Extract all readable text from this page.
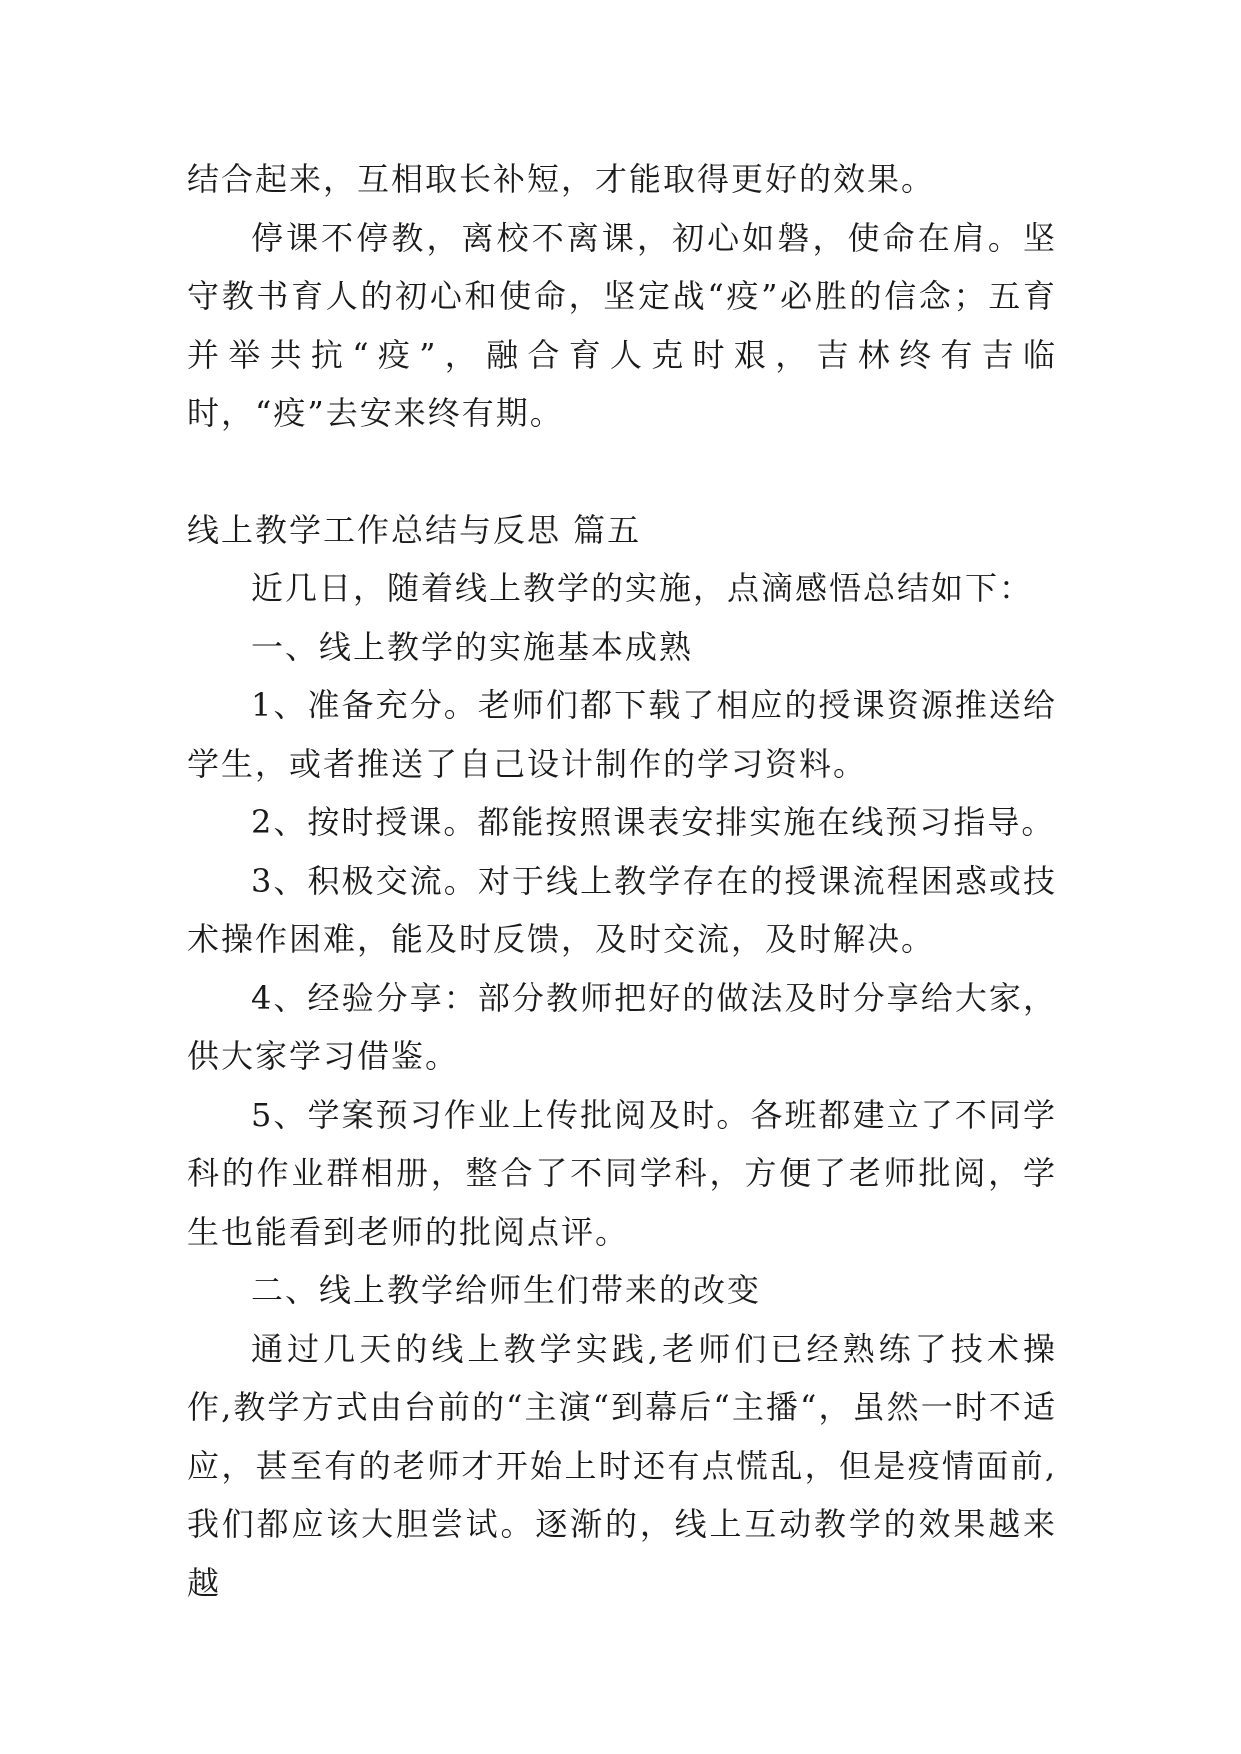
结合起来，互相取长补短，才能取得更好的效果。

停课不停教，离校不离课，初心如磐，使命在肩。坚守教书育人的初心和使命，坚定战“疫”必胜的信念；五育并举共抗“疫”，融合育人克时艰，吉林终有吉临时，“疫”去安来终有期。

线上教学工作总结与反思 篇五

近几日，随着线上教学的实施，点滴感悟总结如下：

一、线上教学的实施基本成熟

1、准备充分。老师们都下载了相应的授课资源推送给学生，或者推送了自己设计制作的学习资料。

2、按时授课。都能按照课表安排实施在线预习指导。

3、积极交流。对于线上教学存在的授课流程困惑或技术操作困难，能及时反馈，及时交流，及时解决。

4、经验分享：部分教师把好的做法及时分享给大家，供大家学习借鉴。

5、学案预习作业上传批阅及时。各班都建立了不同学科的作业群相册，整合了不同学科，方便了老师批阅，学生也能看到老师的批阅点评。

二、线上教学给师生们带来的改变

通过几天的线上教学实践,老师们已经熟练了技术操作,教学方式由台前的“主演“到幕后“主播“，虽然一时不适应，甚至有的老师才开始上时还有点慌乱，但是疫情面前,我们都应该大胆尝试。逐渐的，线上互动教学的效果越来越
